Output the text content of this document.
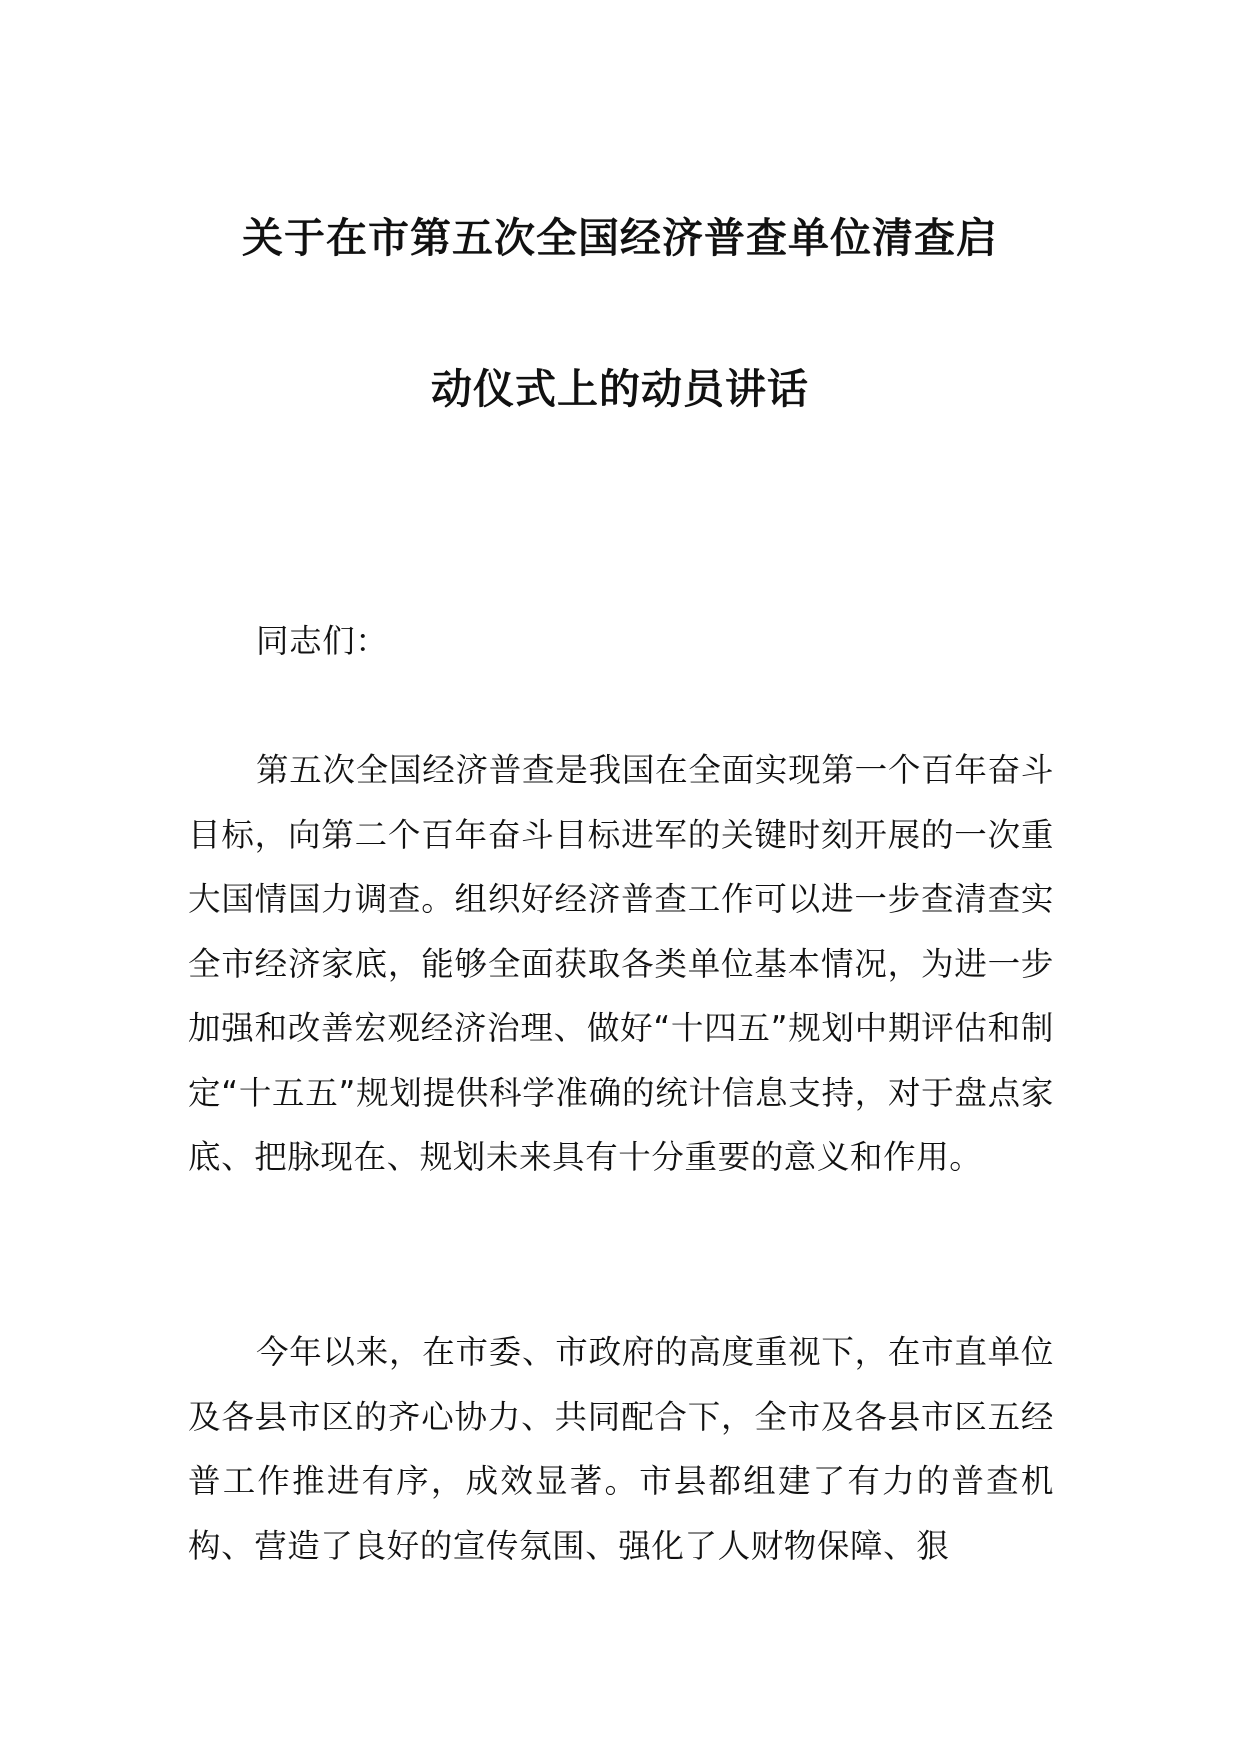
关于在市第五次全国经济普查单位清查启
动仪式上的动员讲话
同志们：
第五次全国经济普查是我国在全面实现第一个百年奋斗目标，向第二个百年奋斗目标进军的关键时刻开展的一次重大国情国力调查。组织好经济普查工作可以进一步查清查实全市经济家底，能够全面获取各类单位基本情况，为进一步加强和改善宏观经济治理、做好“十四五”规划中期评估和制定“十五五”规划提供科学准确的统计信息支持，对于盘点家底、把脉现在、规划未来具有十分重要的意义和作用。
今年以来，在市委、市政府的高度重视下，在市直单位及各县市区的齐心协力、共同配合下，全市及各县市区五经普工作推进有序，成效显著。市县都组建了有力的普查机构、营造了良好的宣传氛围、强化了人财物保障、狠
